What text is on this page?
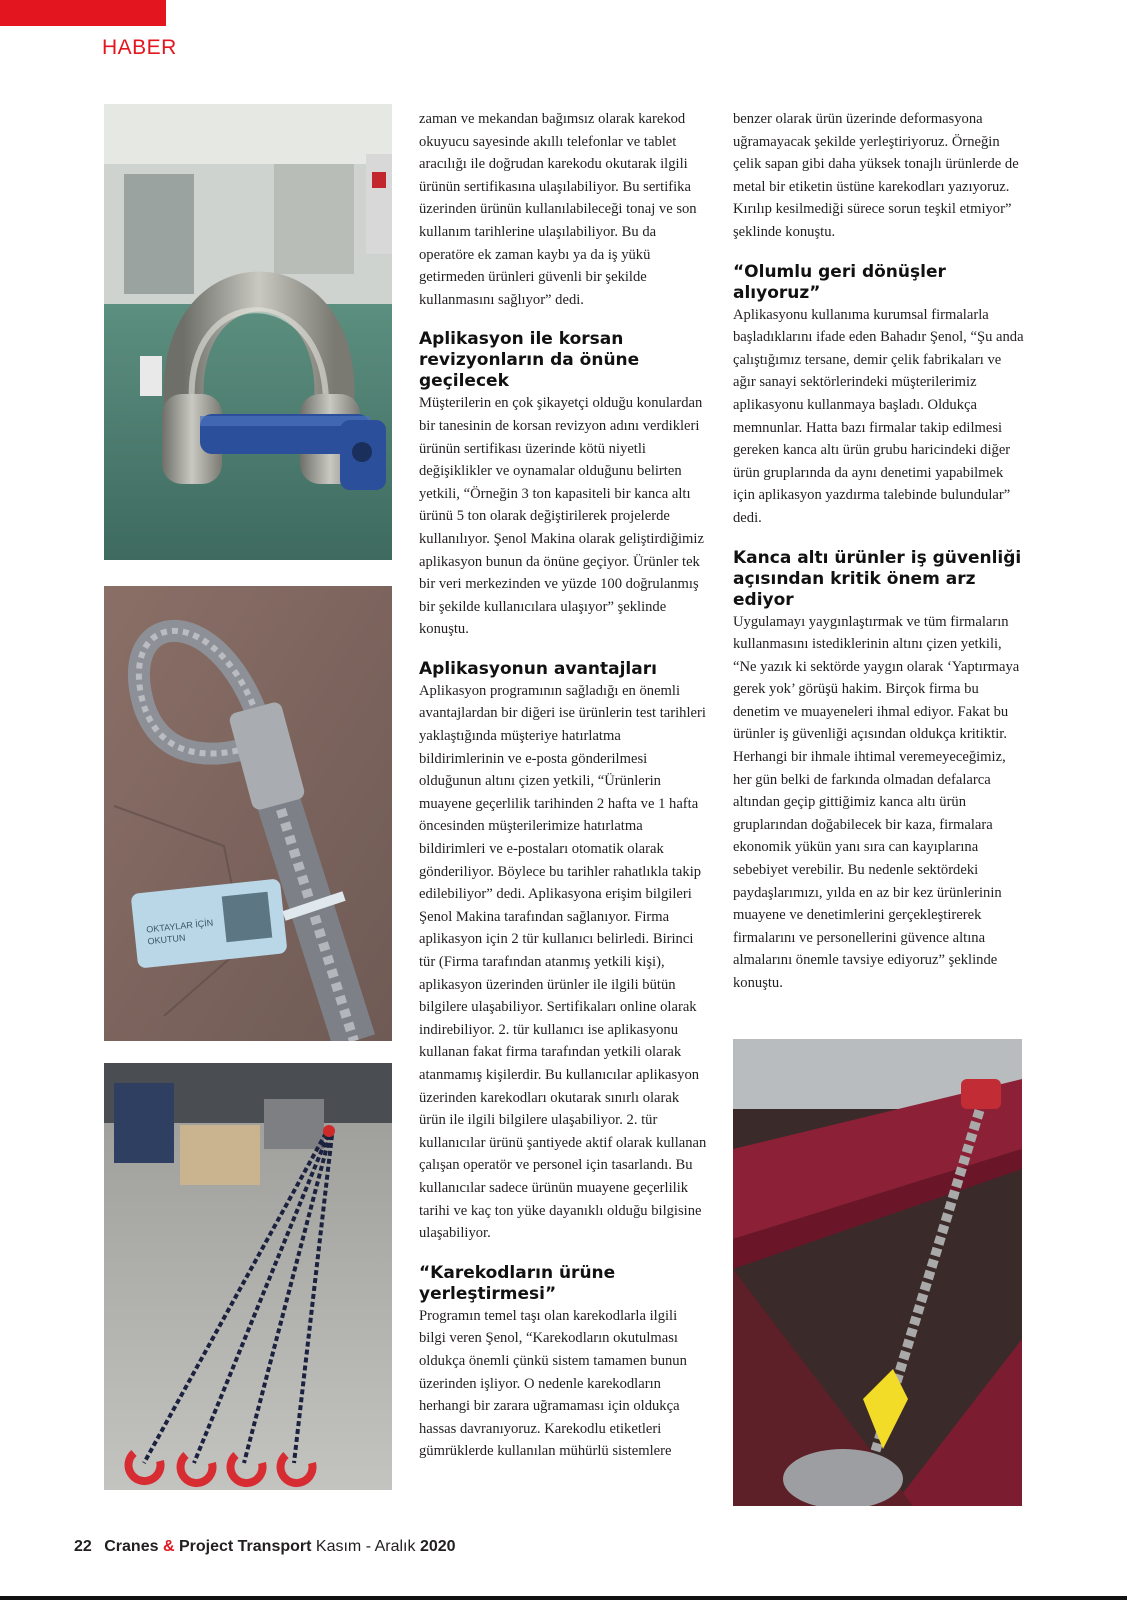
HABER
OKTAYLAR İÇİN
OKUTUN

zaman ve mekandan bağımsız olarak karekod okuyucu sayesinde akıllı telefonlar ve tablet aracılığı ile doğrudan karekodu okutarak ilgili ürünün sertifikasına ulaşılabiliyor. Bu sertifika üzerinden ürünün kullanılabileceği tonaj ve son kullanım tarihlerine ulaşılabiliyor. Bu da operatöre ek zaman kaybı ya da iş yükü getirmeden ürünleri güvenli bir şekilde kullanmasını sağlıyor” dedi.

Aplikasyon ile korsan revizyonların da önüne geçilecek

Müşterilerin en çok şikayetçi olduğu konulardan bir tanesinin de korsan revizyon adını verdikleri ürünün sertifikası üzerinde kötü niyetli değişiklikler ve oynamalar olduğunu belirten yetkili, “Örneğin 3 ton kapasiteli bir kanca altı ürünü 5 ton olarak değiştirilerek projelerde kullanılıyor. Şenol Makina olarak geliştirdiğimiz aplikasyon bunun da önüne geçiyor. Ürünler tek bir veri merkezinden ve yüzde 100 doğrulanmış bir şekilde kullanıcılara ulaşıyor” şeklinde konuştu.

Aplikasyonun avantajları

Aplikasyon programının sağladığı en önemli avantajlardan bir diğeri ise ürünlerin test tarihleri yaklaştığında müşteriye hatırlatma bildirimlerinin ve e-posta gönderilmesi olduğunun altını çizen yetkili, “Ürünlerin muayene geçerlilik tarihinden 2 hafta ve 1 hafta öncesinden müşterilerimize hatırlatma bildirimleri ve e-postaları otomatik olarak gönderiliyor. Böylece bu tarihler rahatlıkla takip edilebiliyor” dedi. Aplikasyona erişim bilgileri Şenol Makina tarafından sağlanıyor. Firma aplikasyon için 2 tür kullanıcı belirledi. Birinci tür (Firma tarafından atanmış yetkili kişi), aplikasyon üzerinden ürünler ile ilgili bütün bilgilere ulaşabiliyor. Sertifikaları online olarak indirebiliyor. 2. tür kullanıcı ise aplikasyonu kullanan fakat firma tarafından yetkili olarak atanmamış kişilerdir. Bu kullanıcılar aplikasyon üzerinden karekodları okutarak sınırlı olarak ürün ile ilgili bilgilere ulaşabiliyor. 2. tür kullanıcılar ürünü şantiyede aktif olarak kullanan çalışan operatör ve personel için tasarlandı. Bu kullanıcılar sadece ürünün muayene geçerlilik tarihi ve kaç ton yüke dayanıklı olduğu bilgisine ulaşabiliyor.

“Karekodların ürüne yerleştirmesi”

Programın temel taşı olan karekodlarla ilgili bilgi veren Şenol, “Karekodların okutulması oldukça önemli çünkü sistem tamamen bunun üzerinden işliyor. O nedenle karekodların herhangi bir zarara uğramaması için oldukça hassas davranıyoruz. Karekodlu etiketleri gümrüklerde kullanılan mühürlü sistemlere

benzer olarak ürün üzerinde deformasyona uğramayacak şekilde yerleştiriyoruz. Örneğin çelik sapan gibi daha yüksek tonajlı ürünlerde de metal bir etiketin üstüne karekodları yazıyoruz. Kırılıp kesilmediği sürece sorun teşkil etmiyor” şeklinde konuştu.

“Olumlu geri dönüşler alıyoruz”

Aplikasyonu kullanıma kurumsal firmalarla başladıklarını ifade eden Bahadır Şenol, “Şu anda çalıştığımız tersane, demir çelik fabrikaları ve ağır sanayi sektörlerindeki müşterilerimiz aplikasyonu kullanmaya başladı. Oldukça memnunlar. Hatta bazı firmalar takip edilmesi gereken kanca altı ürün grubu haricindeki diğer ürün gruplarında da aynı denetimi yapabilmek için aplikasyon yazdırma talebinde bulundular” dedi.

Kanca altı ürünler iş güvenliği açısından kritik önem arz ediyor

Uygulamayı yaygınlaştırmak ve tüm firmaların kullanmasını istediklerinin altını çizen yetkili, “Ne yazık ki sektörde yaygın olarak ‘Yaptırmaya gerek yok’ görüşü hakim. Birçok firma bu denetim ve muayeneleri ihmal ediyor. Fakat bu ürünler iş güvenliği açısından oldukça kritiktir. Herhangi bir ihmale ihtimal veremeyeceğimiz, her gün belki de farkında olmadan defalarca altından geçip gittiğimiz kanca altı ürün gruplarından doğabilecek bir kaza, firmalara ekonomik yükün yanı sıra can kayıplarına sebebiyet verebilir. Bu nedenle sektördeki paydaşlarımızı, yılda en az bir kez ürünlerinin muayene ve denetimlerini gerçekleştirerek firmalarını ve personellerini güvence altına almalarını önemle tavsiye ediyoruz” şeklinde konuştu.

22 Cranes & Project Transport Kasım - Aralık 2020
